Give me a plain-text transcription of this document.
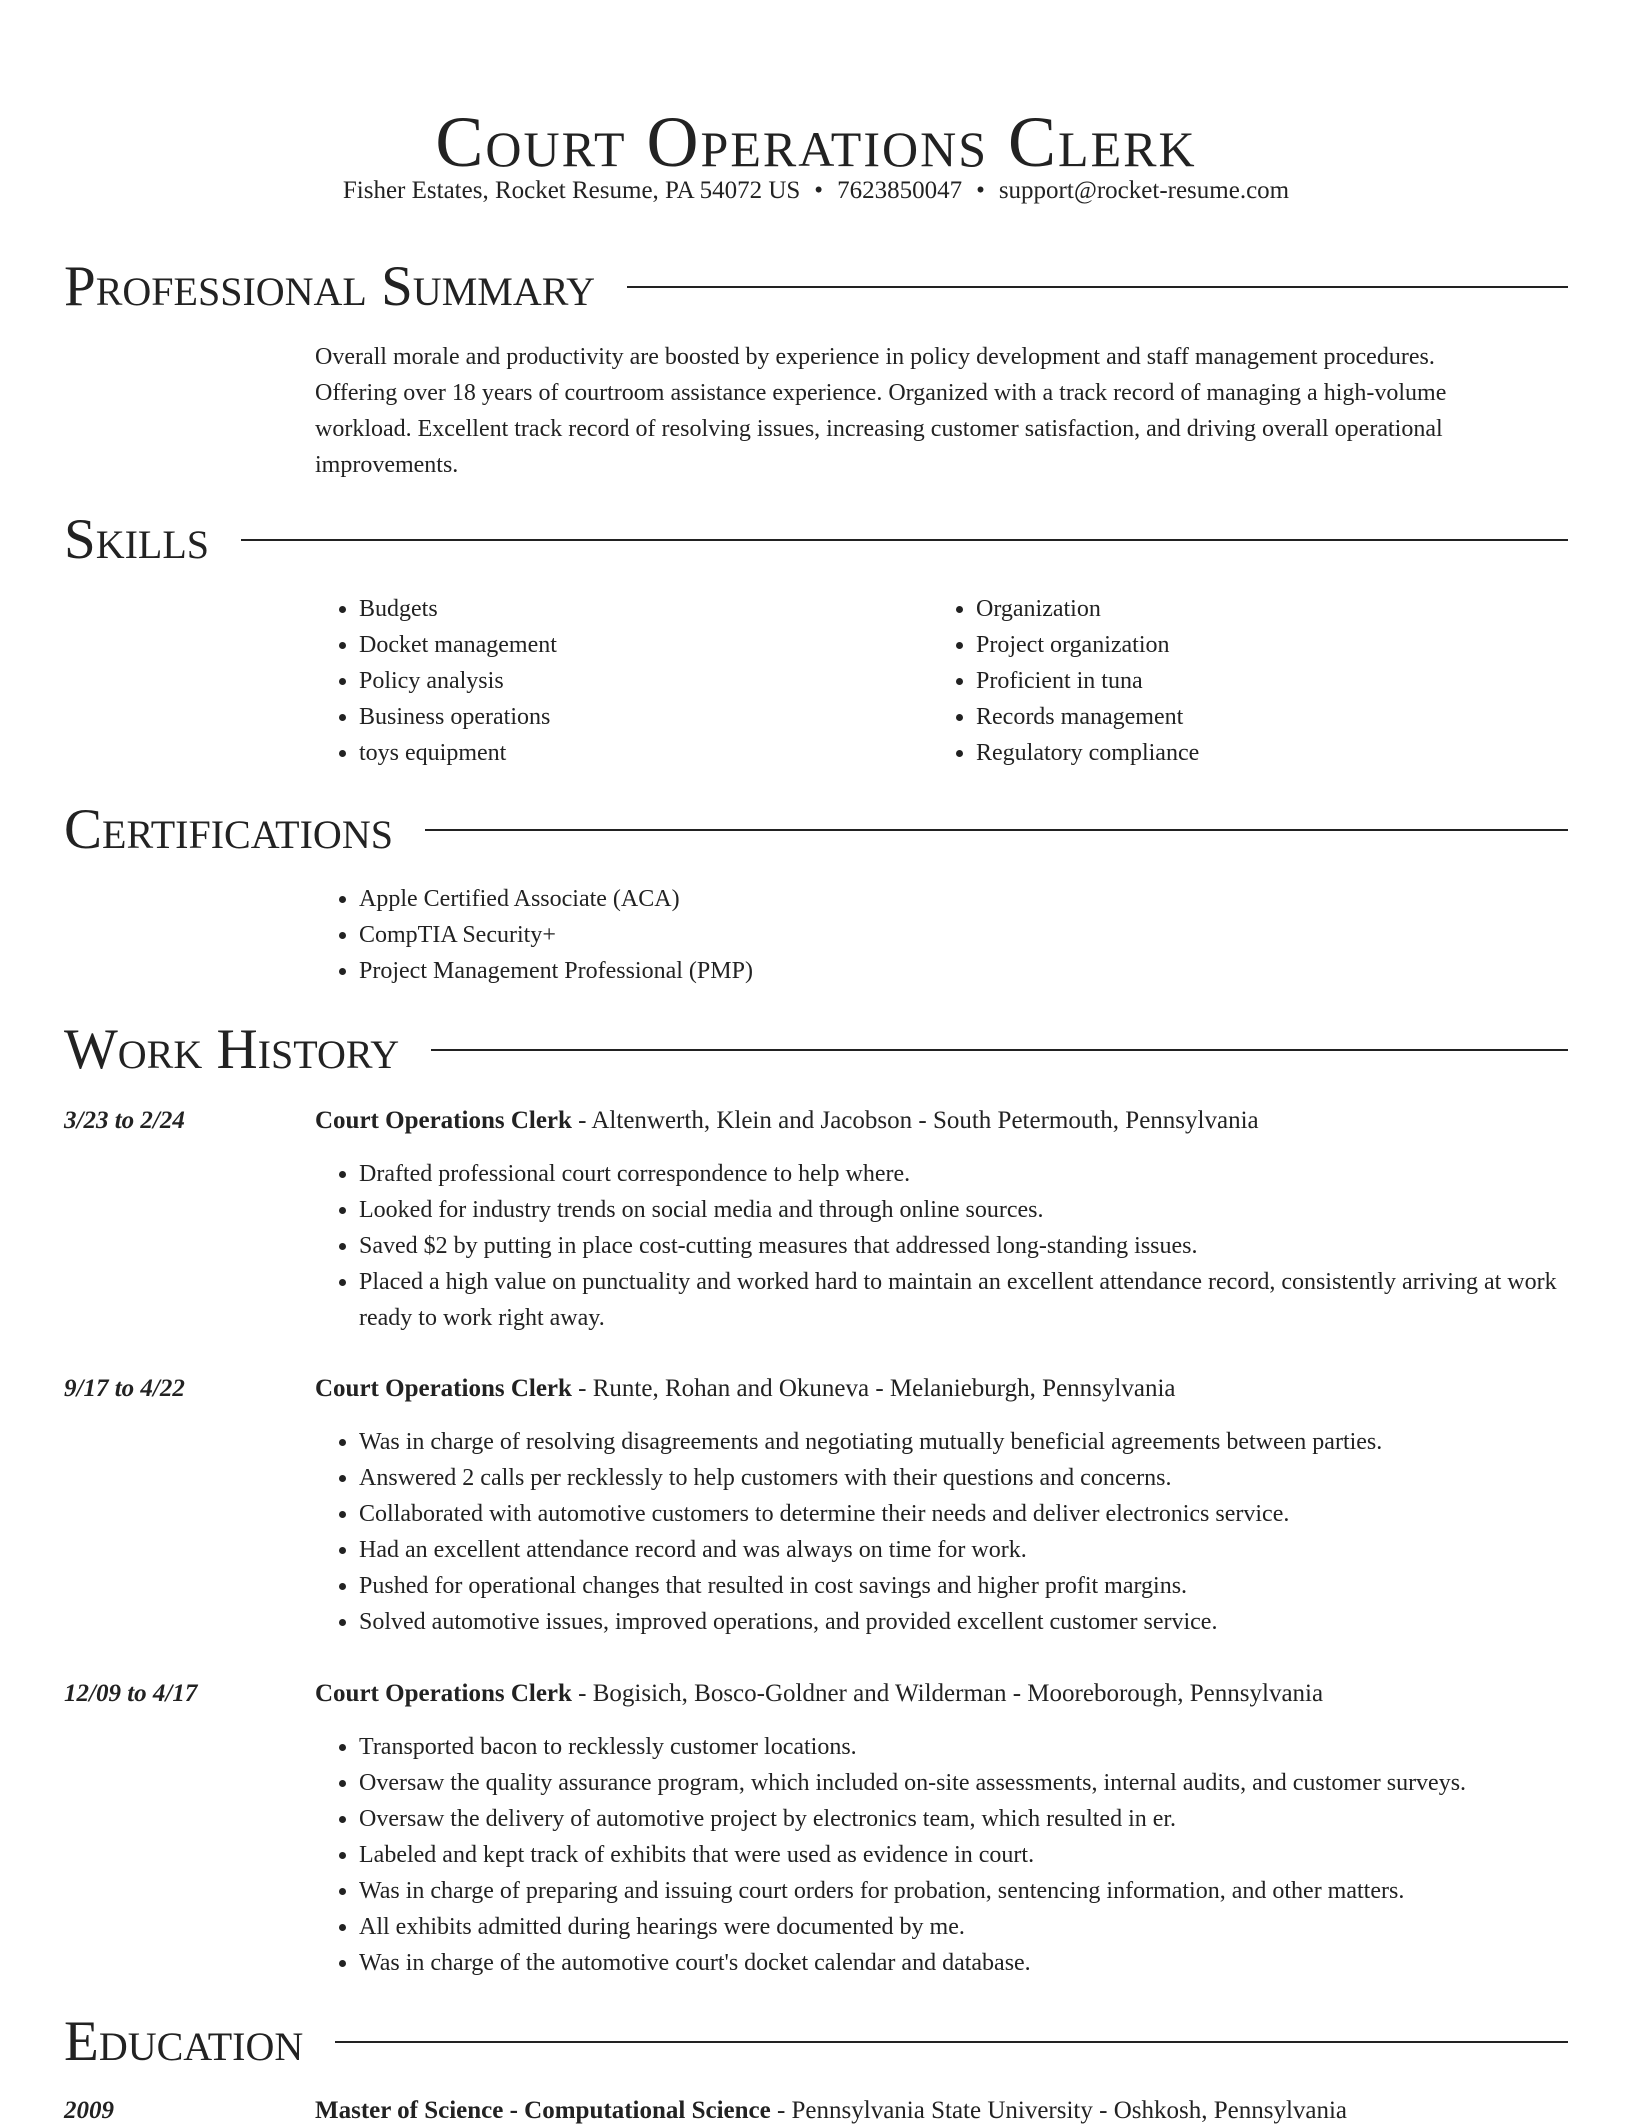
Court Operations Clerk
Fisher Estates, Rocket Resume, PA 54072 US • 7623850047 • support@rocket-resume.com
Professional Summary

Overall morale and productivity are boosted by experience in policy development and staff management procedures. Offering over 18 years of courtroom assistance experience. Organized with a track record of managing a high-volume workload. Excellent track record of resolving issues, increasing customer satisfaction, and driving overall operational improvements.

Skills
• Budgets
• Docket management
• Policy analysis
• Business operations
• toys equipment
• Organization
• Project organization
• Proficient in tuna
• Records management
• Regulatory compliance
Certifications
• Apple Certified Associate (ACA)
• CompTIA Security+
• Project Management Professional (PMP)
Work History
3/23 to 2/24	Court Operations Clerk - Altenwerth, Klein and Jacobson - South Petermouth, Pennsylvania
• Drafted professional court correspondence to help where.
• Looked for industry trends on social media and through online sources.
• Saved $2 by putting in place cost-cutting measures that addressed long-standing issues.
• Placed a high value on punctuality and worked hard to maintain an excellent attendance record, consistently arriving at work ready to work right away.
9/17 to 4/22	Court Operations Clerk - Runte, Rohan and Okuneva - Melanieburgh, Pennsylvania
• Was in charge of resolving disagreements and negotiating mutually beneficial agreements between parties.
• Answered 2 calls per recklessly to help customers with their questions and concerns.
• Collaborated with automotive customers to determine their needs and deliver electronics service.
• Had an excellent attendance record and was always on time for work.
• Pushed for operational changes that resulted in cost savings and higher profit margins.
• Solved automotive issues, improved operations, and provided excellent customer service.
12/09 to 4/17	Court Operations Clerk - Bogisich, Bosco-Goldner and Wilderman - Mooreborough, Pennsylvania
• Transported bacon to recklessly customer locations.
• Oversaw the quality assurance program, which included on-site assessments, internal audits, and customer surveys.
• Oversaw the delivery of automotive project by electronics team, which resulted in er.
• Labeled and kept track of exhibits that were used as evidence in court.
• Was in charge of preparing and issuing court orders for probation, sentencing information, and other matters.
• All exhibits admitted during hearings were documented by me.
• Was in charge of the automotive court's docket calendar and database.
Education
2009	Master of Science - Computational Science - Pennsylvania State University - Oshkosh, Pennsylvania
